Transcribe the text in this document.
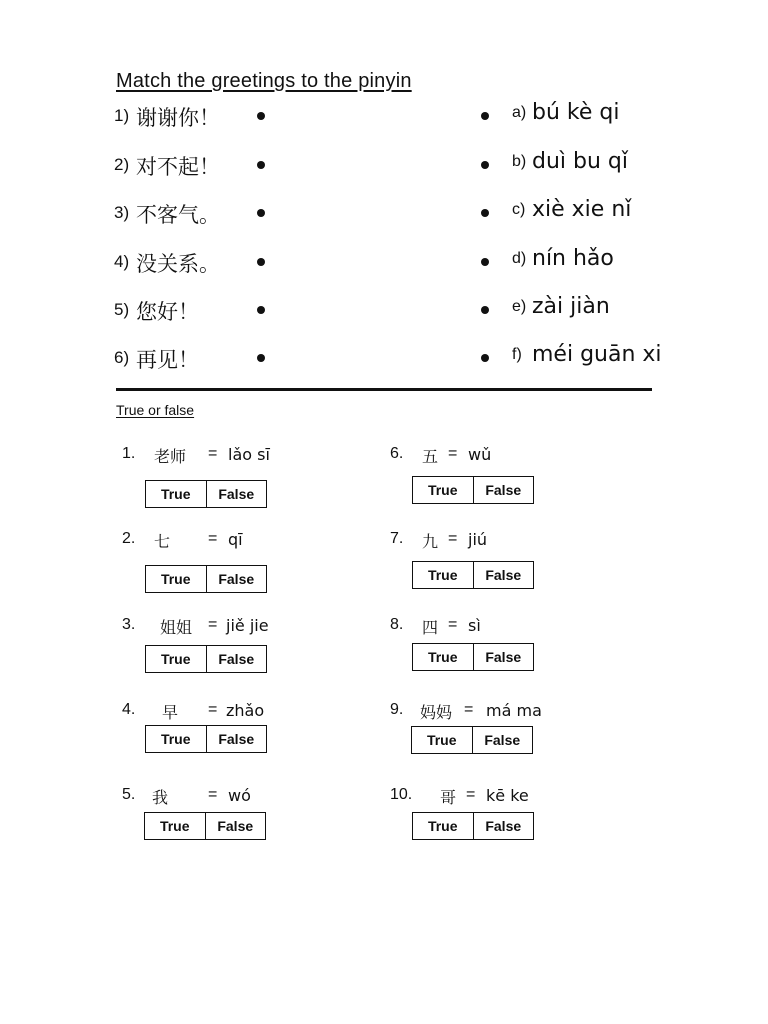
Match the greetings to the pinyin
1) 谢谢你！	a) bú kè qi
2) 对不起！	b) duì bu qǐ
3) 不客气。	c) xiè xie nǐ
4) 没关系。	d) nín hǎo
5) 您好！	e) zài jiàn
6) 再见！	f) méi guān xi
True or false
1. 老师 = lǎo sī
True	False
2. 七 = qī
True	False
3. 姐姐 = jiě jie
True	False
4. 早 = zhǎo
True	False
5. 我 = wó
True	False
6. 五 = wǔ
True	False
7. 九 = jiú
True	False
8. 四 = sì
True	False
9. 妈妈 = má ma
True	False
10. 哥 = kē ke
True	False
